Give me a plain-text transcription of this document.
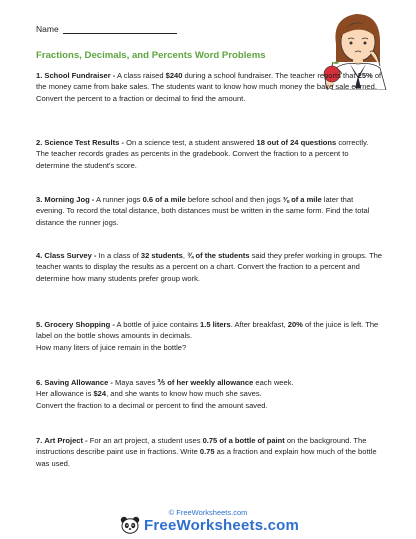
Name
Fractions, Decimals, and Percents Word Problems
1. School Fundraiser - A class raised $240 during a school fundraiser. The teacher reports that 25% of the money came from bake sales. The students want to know how much money the bake sale earned. Convert the percent to a fraction or decimal to find the amount.
2. Science Test Results - On a science test, a student answered 18 out of 24 questions correctly. The teacher records grades as percents in the gradebook. Convert the fraction to a percent to determine the student's score.
3. Morning Jog - A runner jogs 0.6 of a mile before school and then jogs ⅜ of a mile later that evening. To record the total distance, both distances must be written in the same form. Find the total distance the runner jogs.
4. Class Survey - In a class of 32 students, ¾ of the students said they prefer working in groups. The teacher wants to display the results as a percent on a chart. Convert the fraction to a percent and determine how many students prefer group work.
5. Grocery Shopping - A bottle of juice contains 1.5 liters. After breakfast, 20% of the juice is left. The label on the bottle shows amounts in decimals.
How many liters of juice remain in the bottle?
6. Saving Allowance - Maya saves ⅗ of her weekly allowance each week.
Her allowance is $24, and she wants to know how much she saves.
Convert the fraction to a decimal or percent to find the amount saved.
7. Art Project - For an art project, a student uses 0.75 of a bottle of paint on the background. The instructions describe paint use in fractions. Write 0.75 as a fraction and explain how much of the bottle was used.
© FreeWorksheets.com
FreeWorksheets.com
